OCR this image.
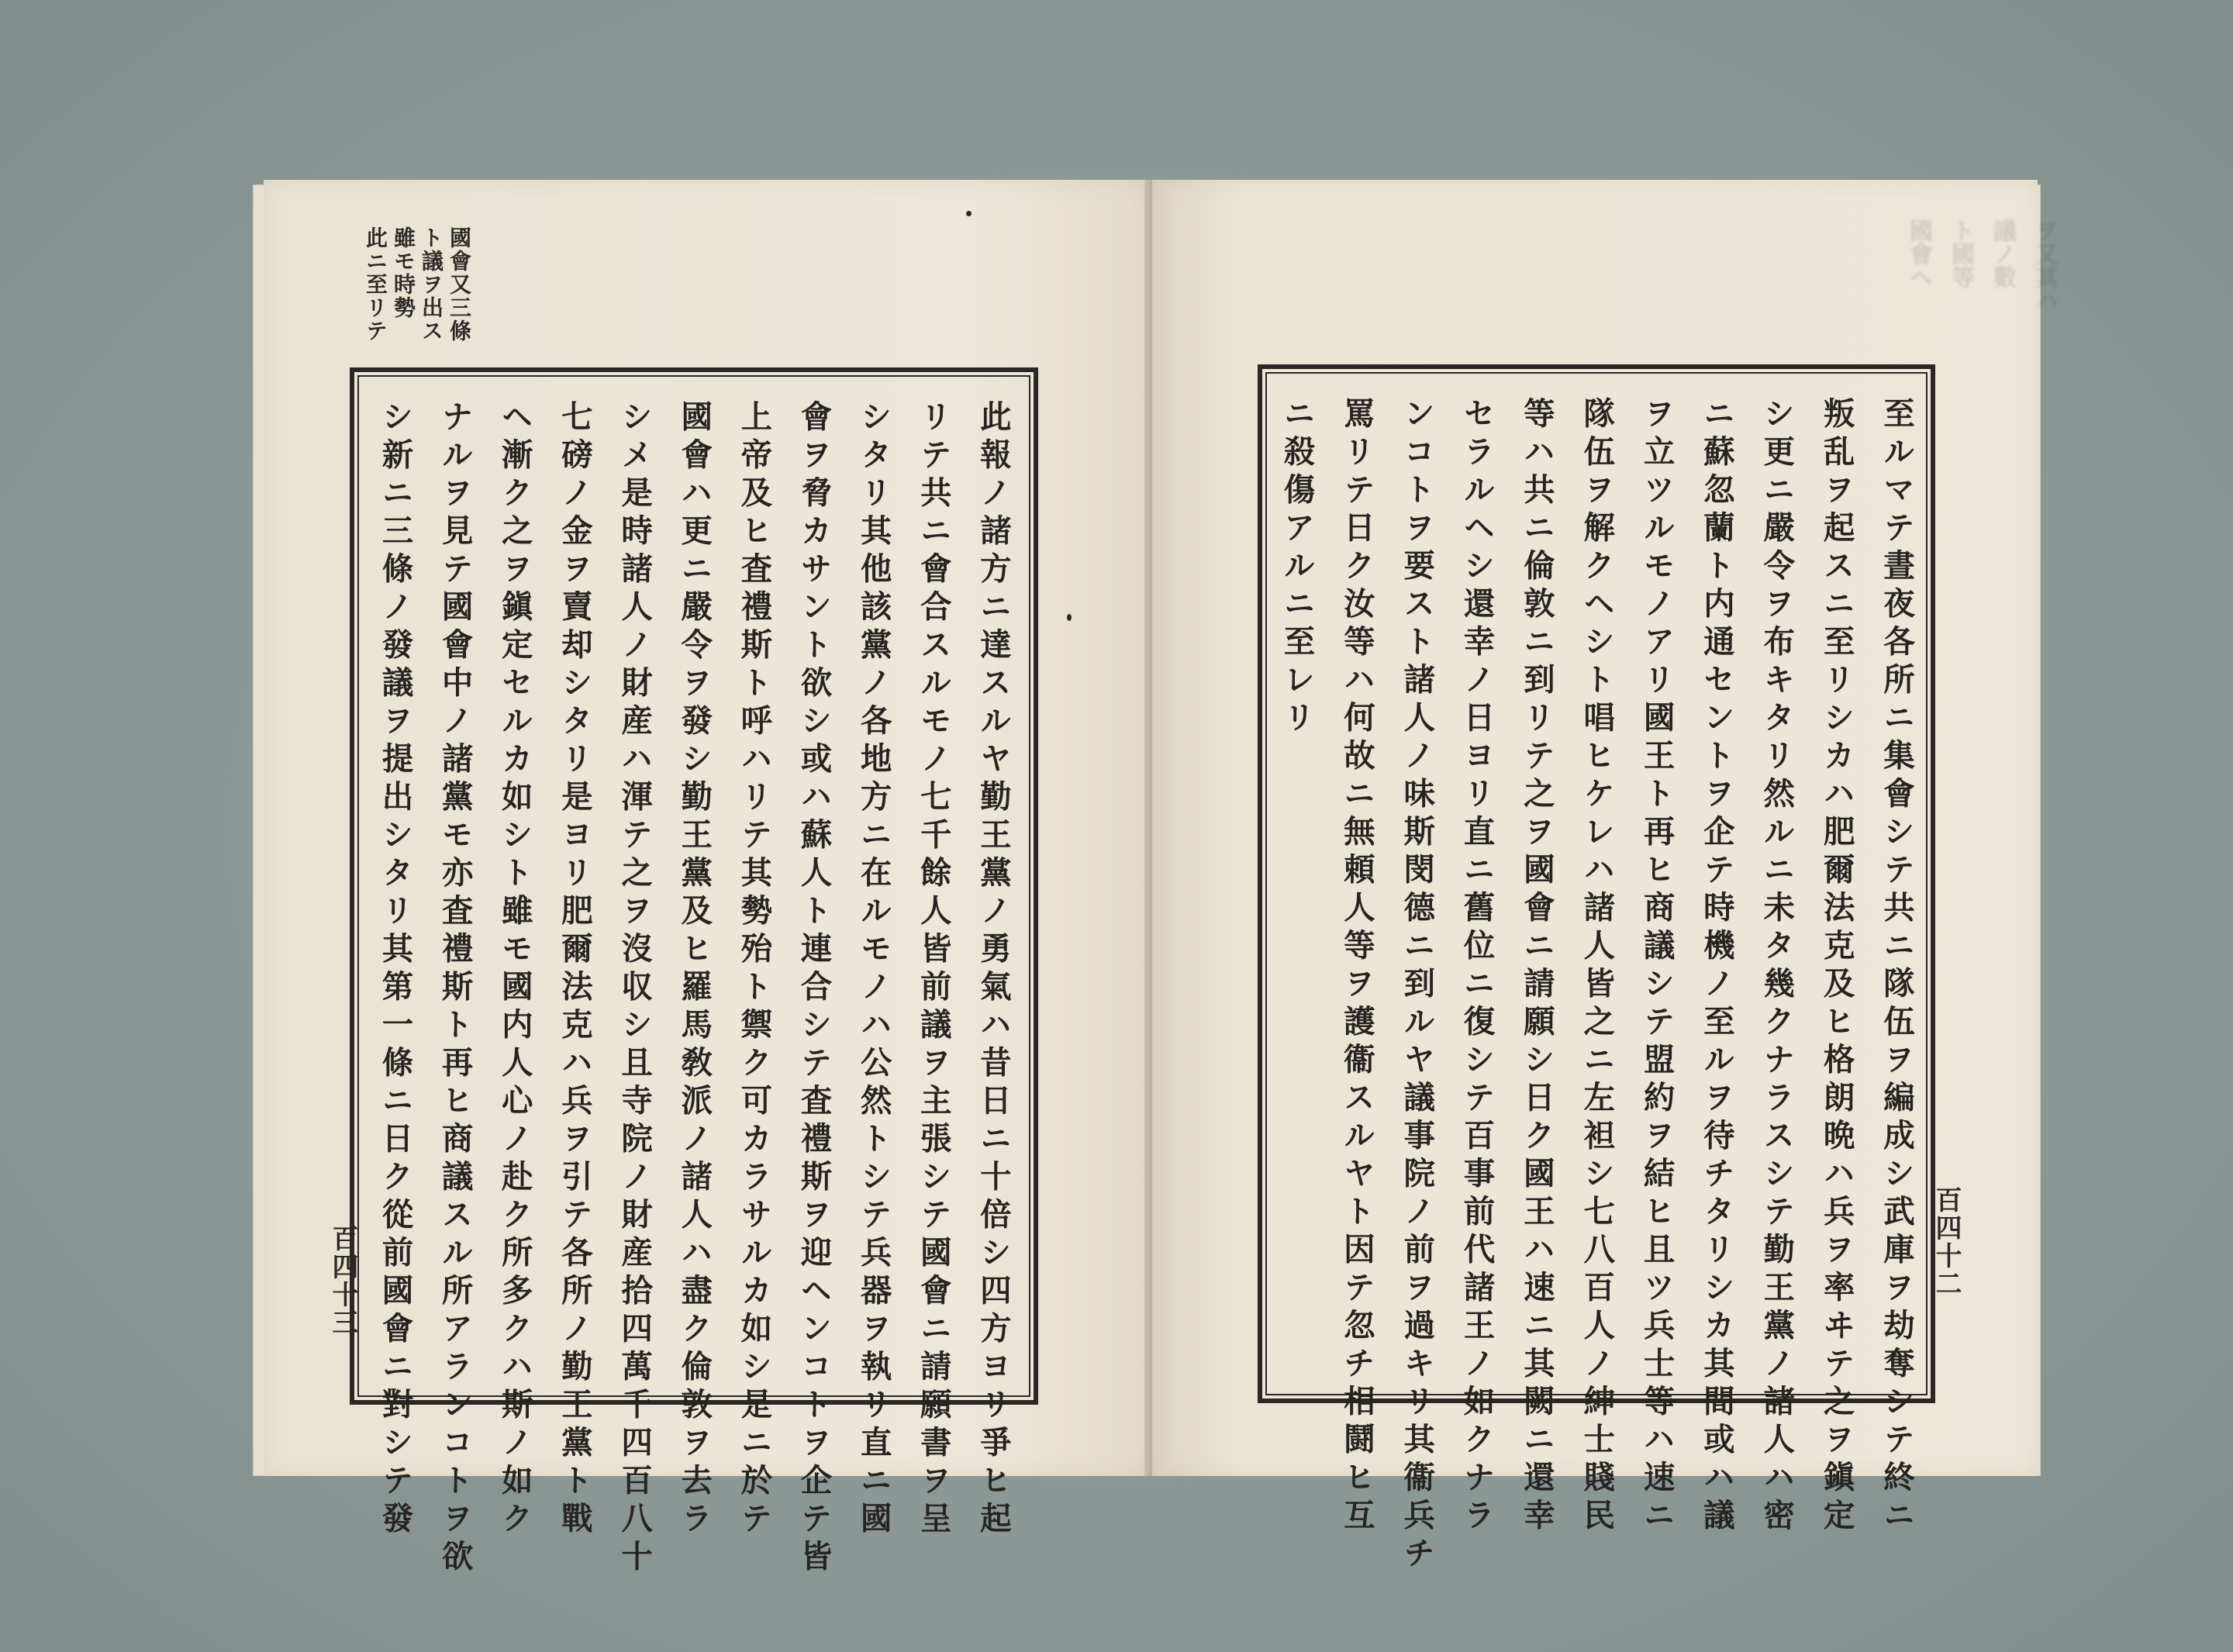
國會又三條
ト議ヲ出ス
雖モ時勢
此ニ至リテ
此報ノ諸方ニ達スルヤ勤王黨ノ勇氣ハ昔日ニ十倍シ四方ヨリ爭ヒ起
リテ共ニ會合スルモノ七千餘人皆前議ヲ主張シテ國會ニ請願書ヲ呈
シタリ其他該黨ノ各地方ニ在ルモノハ公然トシテ兵器ヲ執リ直ニ國
會ヲ脅カサント欲シ或ハ蘇人ト連合シテ査禮斯ヲ迎ヘンコトヲ企テ皆
上帝及ヒ査禮斯ト呼ハリテ其勢殆ト禦ク可カラサルカ如シ是ニ於テ
國會ハ更ニ嚴令ヲ發シ勤王黨及ヒ羅馬敎派ノ諸人ハ盡ク倫敦ヲ去ラ
シメ是時諸人ノ財産ハ渾テ之ヲ沒収シ且寺院ノ財産拾四萬千四百八十
七磅ノ金ヲ賣却シタリ是ヨリ肥爾法克ハ兵ヲ引テ各所ノ勤王黨ト戰
ヘ漸ク之ヲ鎭定セルカ如シト雖モ國内人心ノ赴ク所多クハ斯ノ如ク
ナルヲ見テ國會中ノ諸黨モ亦査禮斯ト再ヒ商議スル所アランコトヲ欲
シ新ニ三條ノ發議ヲ提出シタリ其第一條ニ日ク從前國會ニ對シテ發
百四十三	至ルマテ晝夜各所ニ集會シテ共ニ隊伍ヲ編成シ武庫ヲ劫奪シテ終ニ
叛乱ヲ起スニ至リシカハ肥爾法克及ヒ格朗晩ハ兵ヲ率ヰテ之ヲ鎭定
シ更ニ嚴令ヲ布キタリ然ルニ未タ幾クナラスシテ勤王黨ノ諸人ハ密
ニ蘇忽蘭ト内通セントヲ企テ時機ノ至ルヲ待チタリシカ其間或ハ議
ヲ立ツルモノアリ國王ト再ヒ商議シテ盟約ヲ結ヒ且ツ兵士等ハ速ニ
隊伍ヲ解クヘシト唱ヒケレハ諸人皆之ニ左袒シ七八百人ノ紳士賤民
等ハ共ニ倫敦ニ到リテ之ヲ國會ニ請願シ日ク國王ハ速ニ其闕ニ還幸
セラルヘシ還幸ノ日ヨリ直ニ舊位ニ復シテ百事前代諸王ノ如クナラ
ンコトヲ要スト諸人ノ味斯閔德ニ到ルヤ議事院ノ前ヲ過キリ其衞兵チ
罵リテ日ク汝等ハ何故ニ無頼人等ヲ護衞スルヤト因テ忽チ相鬪ヒ互
ニ殺傷アルニ至レリ
百四十二
ヲ又其ハ
議ノ數
ト國等
國會ヘ
